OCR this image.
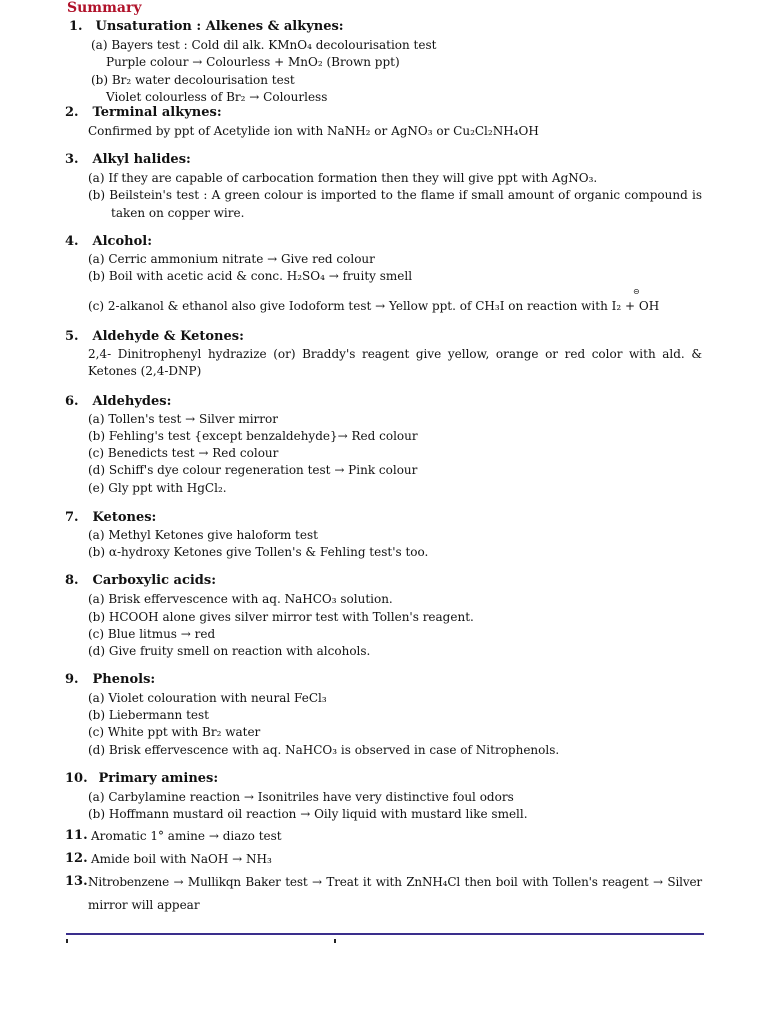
Summary
1. Unsaturation : Alkenes & alkynes:
(a) Bayers test : Cold dil alk. KMnO₄ decolourisation test
Purple colour → Colourless + MnO₂ (Brown ppt)
(b) Br₂ water decolourisation test
Violet colourless of Br₂ → Colourless
2. Terminal alkynes:
Confirmed by ppt of Acetylide ion with NaNH₂ or AgNO₃ or Cu₂Cl₂NH₄OH
3. Alkyl halides:
(a) If they are capable of carbocation formation then they will give ppt with AgNO₃.
(b) Beilstein's test : A green colour is imported to the flame if small amount of organic compound is
taken on copper wire.
4. Alcohol:
(a) Cerric ammonium nitrate → Give red colour
(b) Boil with acetic acid & conc. H₂SO₄ → fruity smell
⊝
(c) 2-alkanol & ethanol also give Iodoform test → Yellow ppt. of CH₃I on reaction with I₂ + OH
5. Aldehyde & Ketones:
2,4- Dinitrophenyl hydrazize (or) Braddy's reagent give yellow, orange or red color with ald. &
Ketones (2,4-DNP)
6. Aldehydes:
(a) Tollen's test → Silver mirror
(b) Fehling's test {except benzaldehyde}→ Red colour
(c) Benedicts test → Red colour
(d) Schiff's dye colour regeneration test → Pink colour
(e) Gly ppt with HgCl₂.
7. Ketones:
(a) Methyl Ketones give haloform test
(b) α-hydroxy Ketones give Tollen's & Fehling test's too.
8. Carboxylic acids:
(a) Brisk effervescence with aq. NaHCO₃ solution.
(b) HCOOH alone gives silver mirror test with Tollen's reagent.
(c) Blue litmus → red
(d) Give fruity smell on reaction with alcohols.
9. Phenols:
(a) Violet colouration with neural FeCl₃
(b) Liebermann test
(c) White ppt with Br₂ water
(d) Brisk effervescence with aq. NaHCO₃ is observed in case of Nitrophenols.
10. Primary amines:
(a) Carbylamine reaction → Isonitriles have very distinctive foul odors
(b) Hoffmann mustard oil reaction → Oily liquid with mustard like smell.
11. Aromatic 1° amine → diazo test
12. Amide boil with NaOH → NH₃
13. Nitrobenzene → Mullikqn Baker test → Treat it with ZnNH₄Cl then boil with Tollen's reagent → Silver
mirror will appear
